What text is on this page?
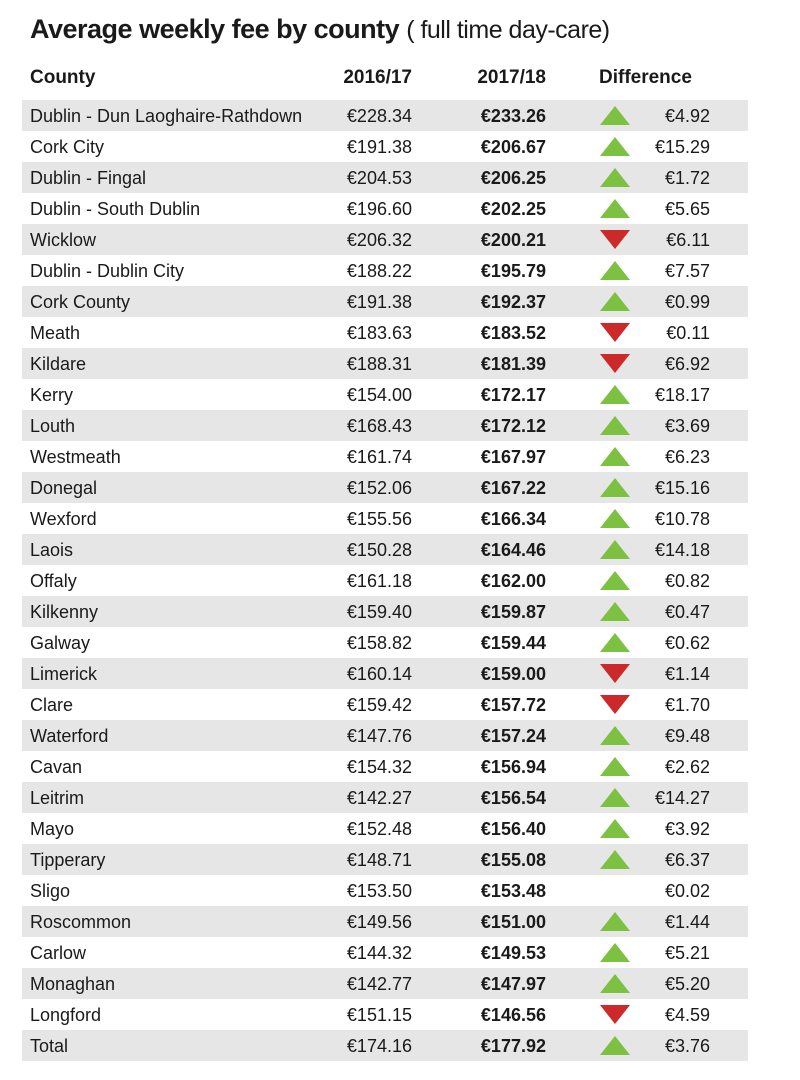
Average weekly fee by county ( full time day-care)
County	2016/17	2017/18	Difference
Dublin - Dun Laoghaire-Rathdown €228.34	€233.26	€4.92
Cork City	€191.38	€206.67	€15.29
Dublin - Fingal	€204.53	€206.25	€1.72
Dublin - South Dublin	€196.60	€202.25	€5.65
Wicklow	€206.32	€200.21	€6.11
Dublin - Dublin City	€188.22	€195.79	€7.57
Cork County	€191.38	€192.37	€0.99
Meath	€183.63	€183.52	€0.11
Kildare	€188.31	€181.39	€6.92
Kerry	€154.00	€172.17	€18.17
Louth	€168.43	€172.12	€3.69
Westmeath	€161.74	€167.97	€6.23
Donegal	€152.06	€167.22	€15.16
Wexford	€155.56	€166.34	€10.78
Laois	€150.28	€164.46	€14.18
Offaly	€161.18	€162.00	€0.82
Kilkenny	€159.40	€159.87	€0.47
Galway	€158.82	€159.44	€0.62
Limerick	€160.14	€159.00	€1.14
Clare	€159.42	€157.72	€1.70
Waterford	€147.76	€157.24	€9.48
Cavan	€154.32	€156.94	€2.62
Leitrim	€142.27	€156.54	€14.27
Mayo	€152.48	€156.40	€3.92
Tipperary	€148.71	€155.08	€6.37
Sligo	€153.50	€153.48	€0.02
Roscommon	€149.56	€151.00	€1.44
Carlow	€144.32	€149.53	€5.21
Monaghan	€142.77	€147.97	€5.20
Longford	€151.15	€146.56	€4.59
Total	€174.16	€177.92	€3.76
